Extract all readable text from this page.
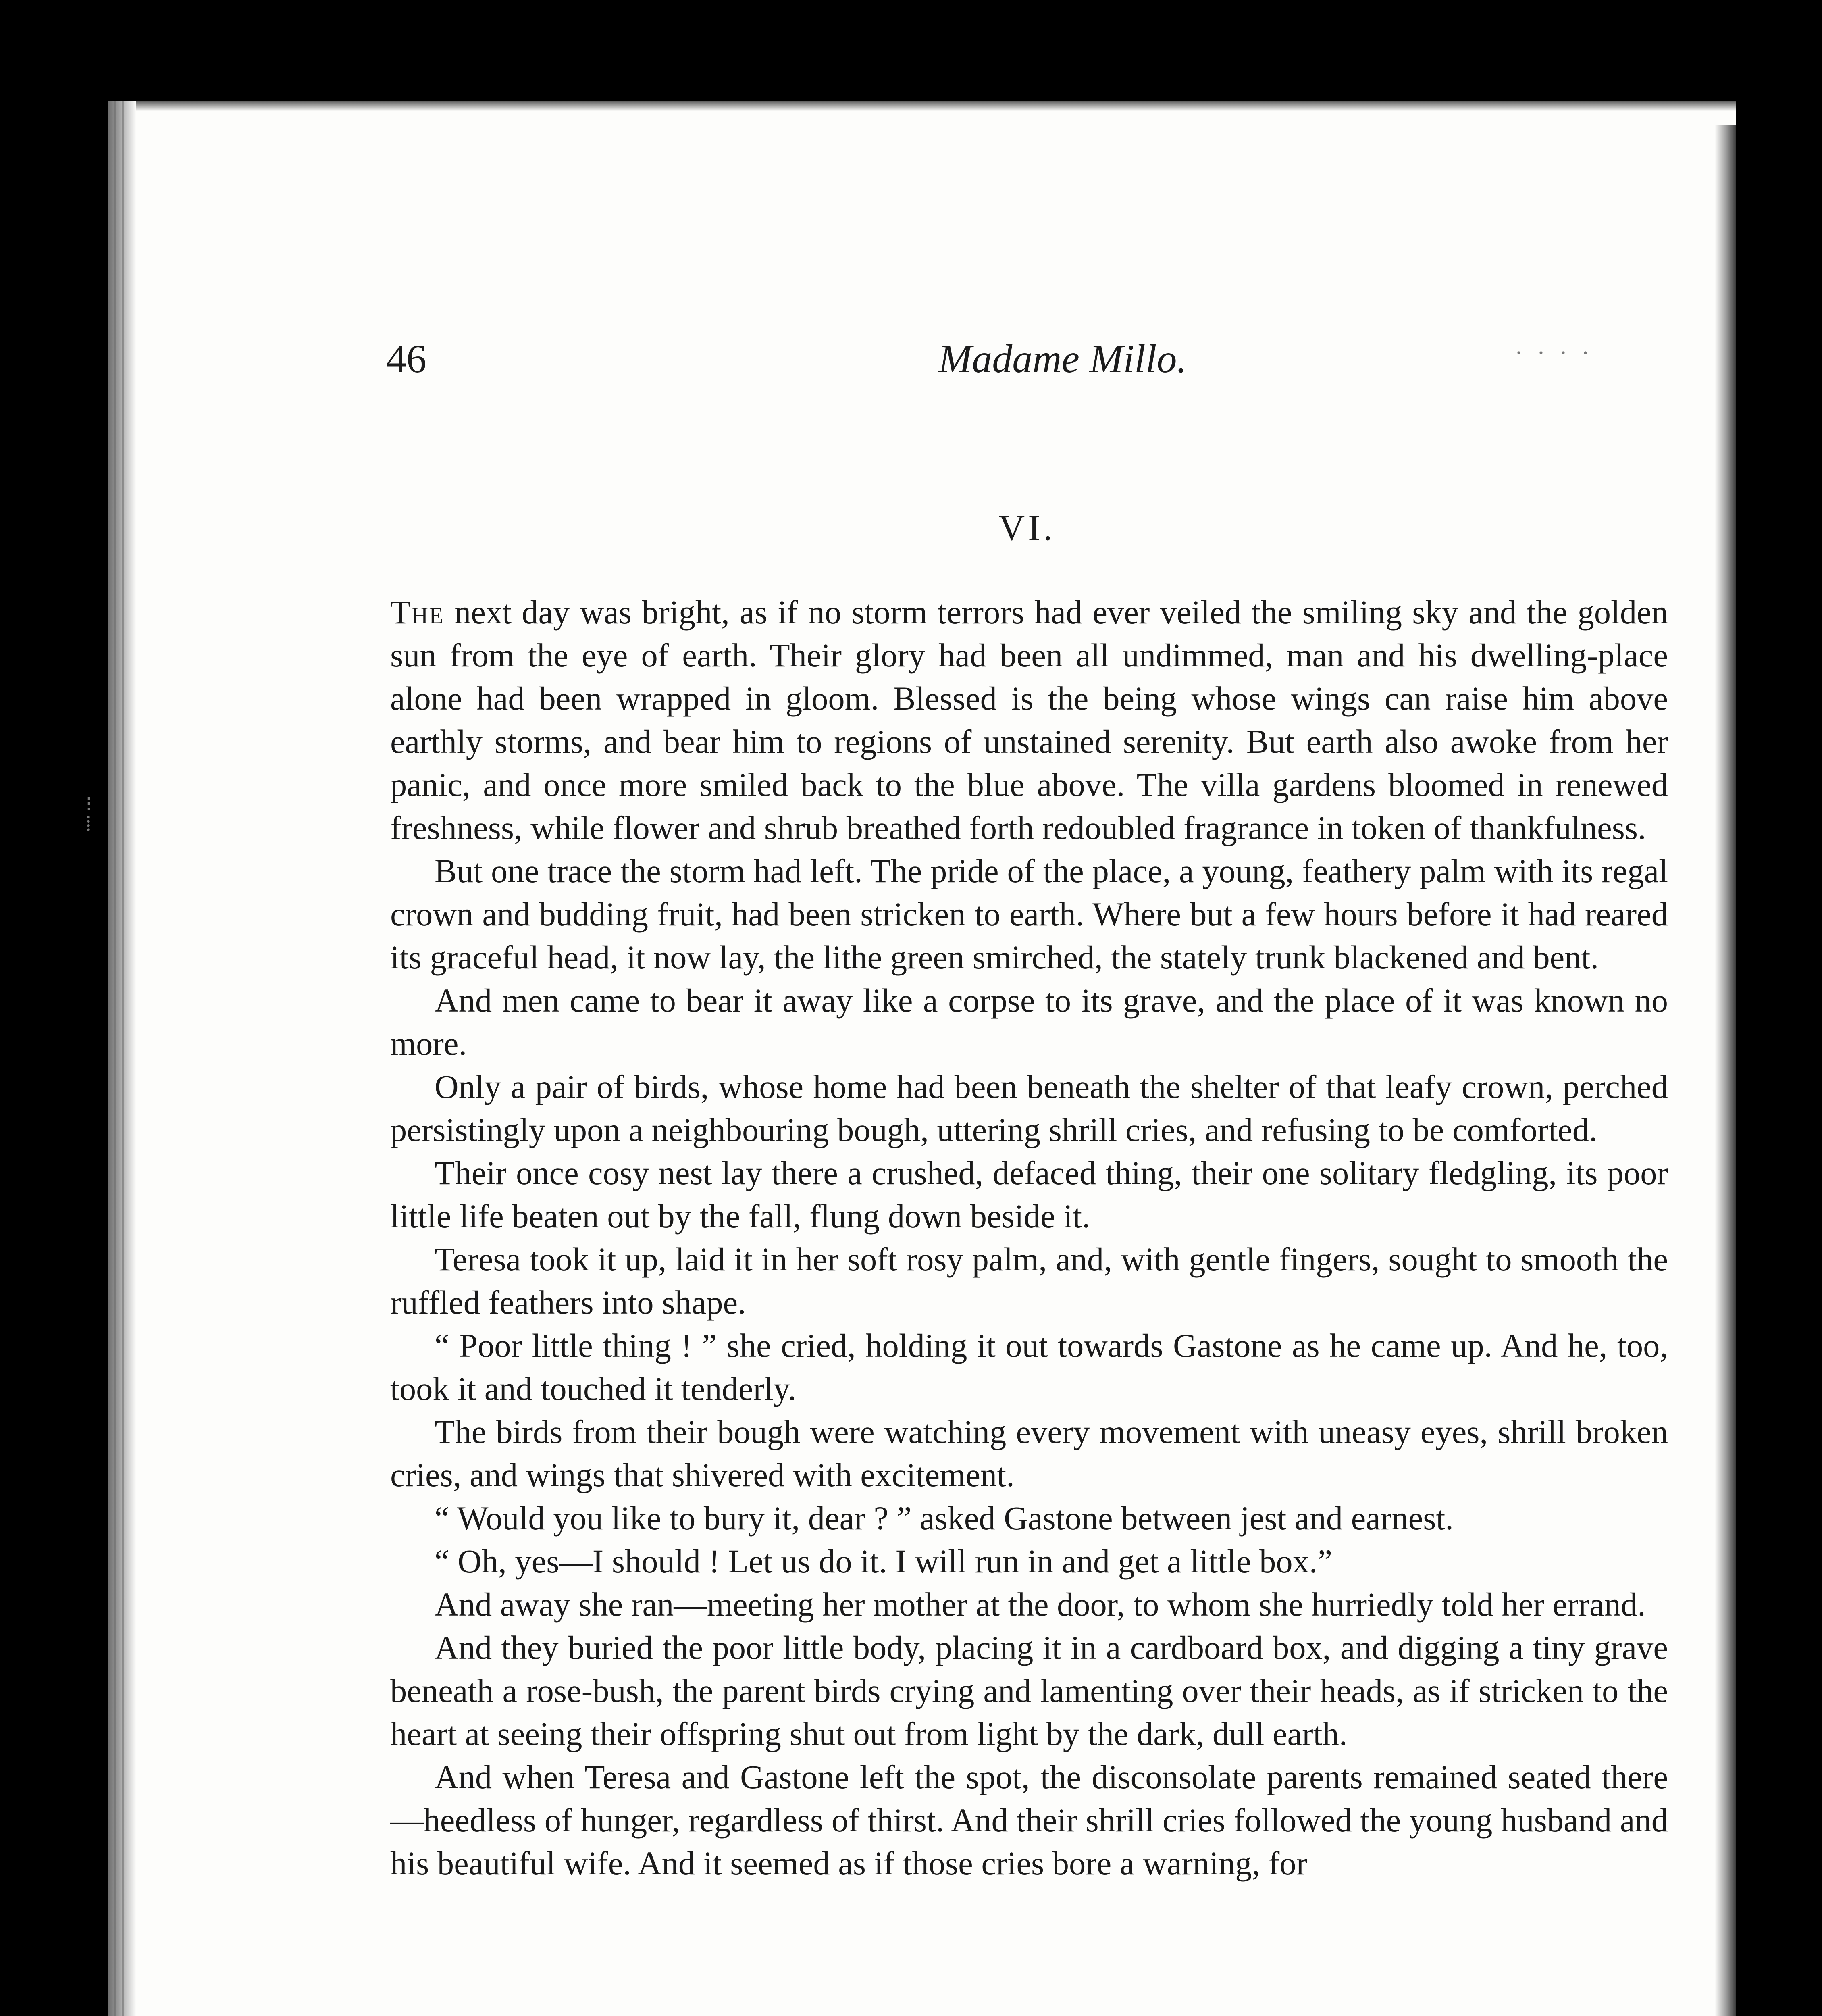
⁝
⁞
46	Madame Millo.	· · · ·
VI.

The next day was bright, as if no storm terrors had ever veiled the smiling sky and the golden sun from the eye of earth. Their glory had been all undimmed, man and his dwelling-place alone had been wrapped in gloom. Blessed is the being whose wings can raise him above earthly storms, and bear him to regions of unstained serenity. But earth also awoke from her panic, and once more smiled back to the blue above. The villa gardens bloomed in renewed freshness, while flower and shrub breathed forth redoubled fragrance in token of thankfulness.

But one trace the storm had left. The pride of the place, a young, feathery palm with its regal crown and budding fruit, had been stricken to earth. Where but a few hours before it had reared its graceful head, it now lay, the lithe green smirched, the stately trunk blackened and bent.

And men came to bear it away like a corpse to its grave, and the place of it was known no more.

Only a pair of birds, whose home had been beneath the shelter of that leafy crown, perched persistingly upon a neighbouring bough, uttering shrill cries, and refusing to be comforted.

Their once cosy nest lay there a crushed, defaced thing, their one solitary fledgling, its poor little life beaten out by the fall, flung down beside it.

Teresa took it up, laid it in her soft rosy palm, and, with gentle fingers, sought to smooth the ruffled feathers into shape.

“ Poor little thing ! ” she cried, holding it out towards Gastone as he came up. And he, too, took it and touched it tenderly.

The birds from their bough were watching every movement with uneasy eyes, shrill broken cries, and wings that shivered with excitement.

“ Would you like to bury it, dear ? ” asked Gastone between jest and earnest.

“ Oh, yes—I should ! Let us do it. I will run in and get a little box.”

And away she ran—meeting her mother at the door, to whom she hurriedly told her errand.

And they buried the poor little body, placing it in a cardboard box, and digging a tiny grave beneath a rose-bush, the parent birds crying and lamenting over their heads, as if stricken to the heart at seeing their offspring shut out from light by the dark, dull earth.

And when Teresa and Gastone left the spot, the disconsolate parents remained seated there—heedless of hunger, regardless of thirst. And their shrill cries followed the young husband and his beautiful wife. And it seemed as if those cries bore a warning, for
